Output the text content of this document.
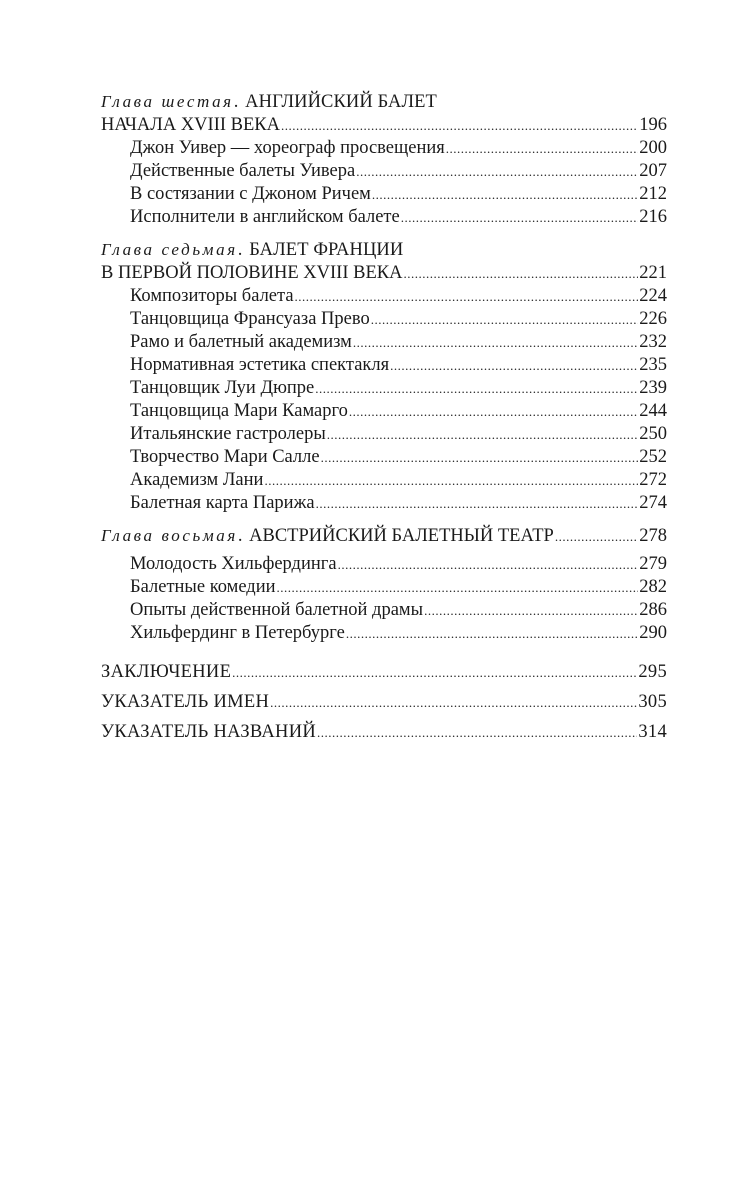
Глава шестая. АНГЛИЙСКИЙ БАЛЕТ
НАЧАЛА XVIII ВЕКА .....	196
Джон Уивер — хореограф просвещения .....	200
Действенные балеты Уивера .....	207
В состязании с Джоном Ричем .....	212
Исполнители в английском балете .....	216
Глава седьмая. БАЛЕТ ФРАНЦИИ
В ПЕРВОЙ ПОЛОВИНЕ XVIII ВЕКА .....	221
Композиторы балета .....	224
Танцовщица Франсуаза Прево .....	226
Рамо и балетный академизм .....	232
Нормативная эстетика спектакля .....	235
Танцовщик Луи Дюпре .....	239
Танцовщица Мари Камарго .....	244
Итальянские гастролеры .....	250
Творчество Мари Салле .....	252
Академизм Лани .....	272
Балетная карта Парижа .....	274
Глава восьмая. АВСТРИЙСКИЙ БАЛЕТНЫЙ ТЕАТР .....	278
Молодость Хильфердинга .....	279
Балетные комедии .....	282
Опыты действенной балетной драмы .....	286
Хильфердинг в Петербурге .....	290
ЗАКЛЮЧЕНИЕ .....	295
УКАЗАТЕЛЬ ИМЕН .....	305
УКАЗАТЕЛЬ НАЗВАНИЙ .....	314
